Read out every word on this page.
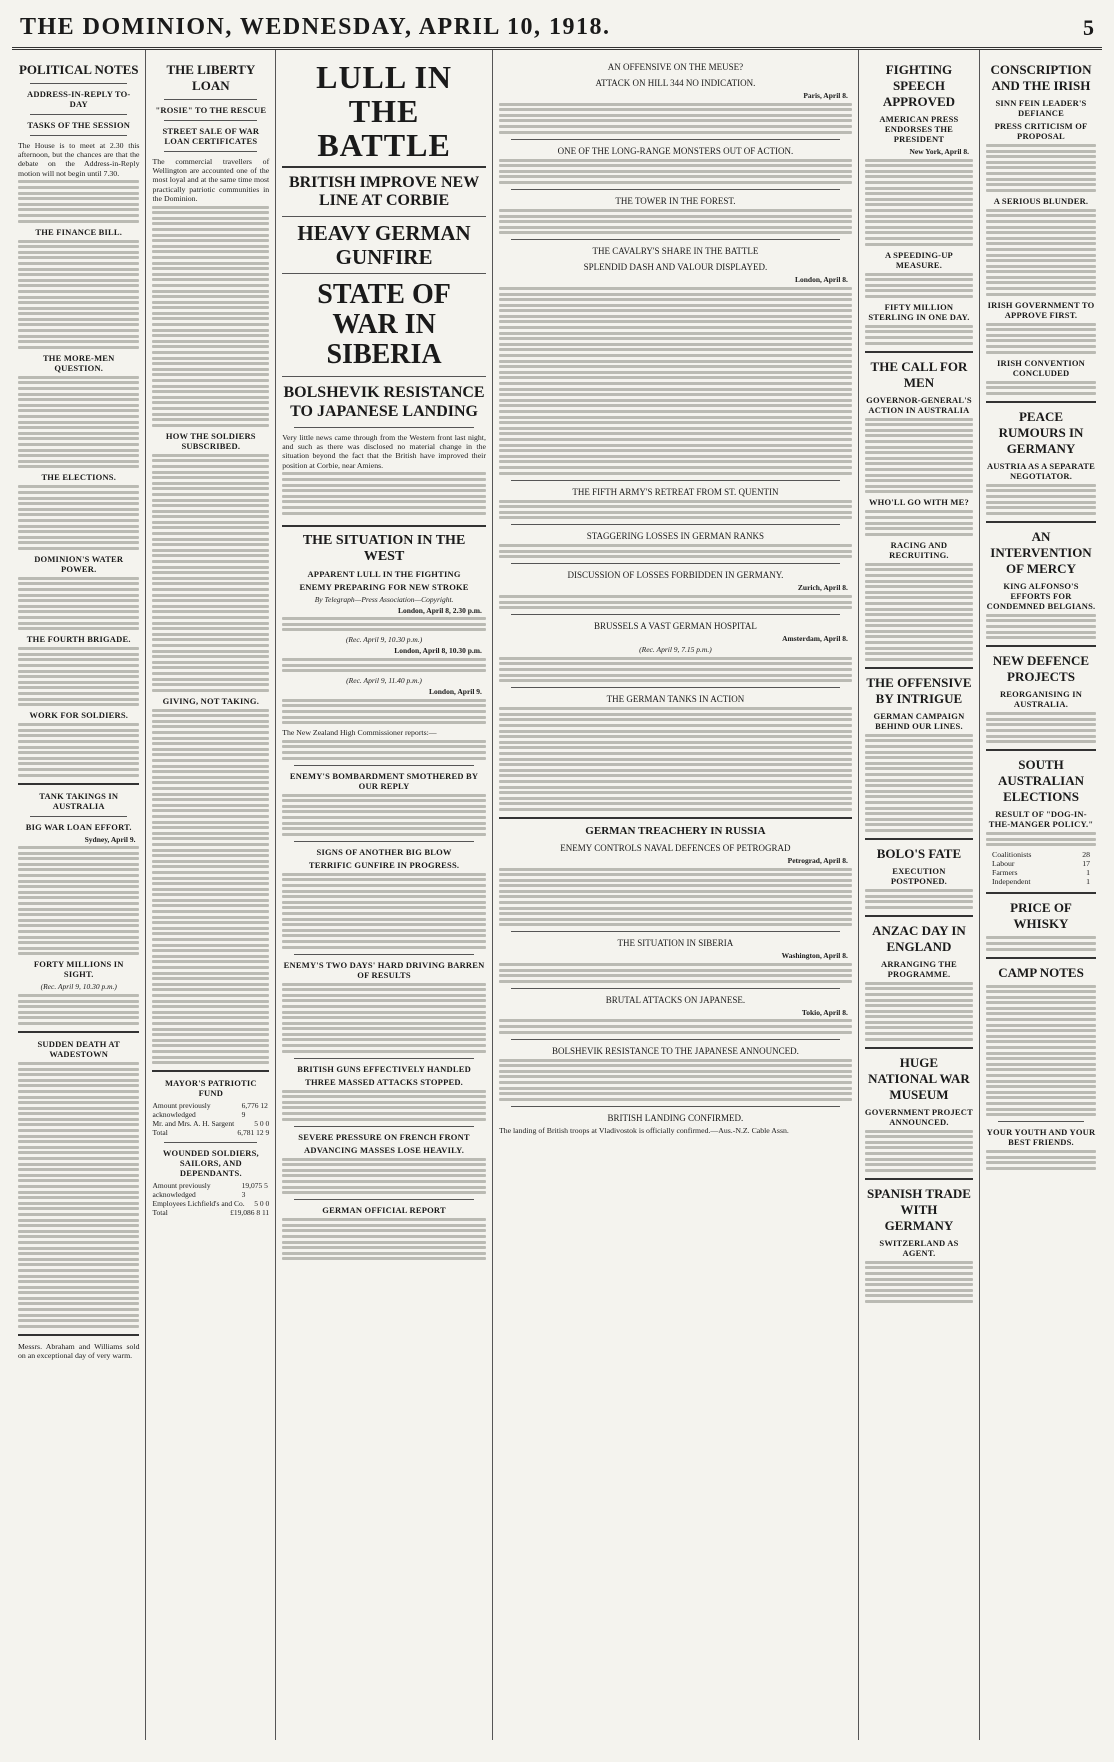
THE DOMINION, WEDNESDAY, APRIL 10, 1918.	5
POLITICAL NOTES
ADDRESS-IN-REPLY TO-DAY
TASKS OF THE SESSION
The House is to meet at 2.30 this afternoon, but the chances are that the debate on the Address-in-Reply motion will not begin until 7.30.
THE FINANCE BILL.
THE MORE-MEN QUESTION.
THE ELECTIONS.
DOMINION'S WATER POWER.
THE FOURTH BRIGADE.
WORK FOR SOLDIERS.
TANK TAKINGS IN AUSTRALIA
BIG WAR LOAN EFFORT.
Sydney, April 9.
FORTY MILLIONS IN SIGHT.
(Rec. April 9, 10.30 p.m.)
SUDDEN DEATH AT WADESTOWN
Messrs. Abraham and Williams sold on an exceptional day of very warm.
THE LIBERTY LOAN
"ROSIE" TO THE RESCUE
STREET SALE OF WAR LOAN CERTIFICATES
The commercial travellers of Wellington are accounted one of the most loyal and at the same time most practically patriotic communities in the Dominion.
HOW THE SOLDIERS SUBSCRIBED.
GIVING, NOT TAKING.
MAYOR'S PATRIOTIC FUND
Amount previously acknowledged
6,776 12 9
Mr. and Mrs. A. H. Sargent	5 0 0
Total	6,781 12 9
WOUNDED SOLDIERS, SAILORS, AND DEPENDANTS.
Amount previously acknowledged
19,075 5 3
Employees Lichfield's and Co. 5 0 0
Total	£19,086 8 11
LULL IN THE BATTLE
BRITISH IMPROVE NEW LINE AT CORBIE
HEAVY GERMAN GUNFIRE
STATE OF WAR IN SIBERIA
BOLSHEVIK RESISTANCE TO JAPANESE LANDING
Very little news came through from the Western front last night, and such as there was disclosed no material change in the situation beyond the fact that the British have improved their position at Corbie, near Amiens.
THE SITUATION IN THE WEST
APPARENT LULL IN THE FIGHTING
ENEMY PREPARING FOR NEW STROKE
By Telegraph—Press Association—Copyright.
London, April 8, 2.30 p.m.
(Rec. April 9, 10.30 p.m.)
London, April 8, 10.30 p.m.
(Rec. April 9, 11.40 p.m.)
London, April 9.
The New Zealand High Commissioner reports:—
ENEMY'S BOMBARDMENT SMOTHERED BY OUR REPLY
SIGNS OF ANOTHER BIG BLOW
TERRIFIC GUNFIRE IN PROGRESS.
ENEMY'S TWO DAYS' HARD DRIVING BARREN OF RESULTS
BRITISH GUNS EFFECTIVELY HANDLED
THREE MASSED ATTACKS STOPPED.
SEVERE PRESSURE ON FRENCH FRONT
ADVANCING MASSES LOSE HEAVILY.
GERMAN OFFICIAL REPORT
AN OFFENSIVE ON THE MEUSE?
ATTACK ON HILL 344 NO INDICATION.
Paris, April 8.
ONE OF THE LONG-RANGE MONSTERS OUT OF ACTION.
THE TOWER IN THE FOREST.
THE CAVALRY'S SHARE IN THE BATTLE
SPLENDID DASH AND VALOUR DISPLAYED.
London, April 8.
THE FIFTH ARMY'S RETREAT FROM ST. QUENTIN
STAGGERING LOSSES IN GERMAN RANKS
DISCUSSION OF LOSSES FORBIDDEN IN GERMANY.
Zurich, April 8.
BRUSSELS A VAST GERMAN HOSPITAL
Amsterdam, April 8.
(Rec. April 9, 7.15 p.m.)
THE GERMAN TANKS IN ACTION
GERMAN TREACHERY IN RUSSIA
ENEMY CONTROLS NAVAL DEFENCES OF PETROGRAD
Petrograd, April 8.
THE SITUATION IN SIBERIA
Washington, April 8.
BRUTAL ATTACKS ON JAPANESE.
Tokio, April 8.
BOLSHEVIK RESISTANCE TO THE JAPANESE ANNOUNCED.
BRITISH LANDING CONFIRMED.
The landing of British troops at Vladivostok is officially confirmed.—Aus.-N.Z. Cable Assn.
FIGHTING SPEECH APPROVED
AMERICAN PRESS ENDORSES THE PRESIDENT
New York, April 8.
A SPEEDING-UP MEASURE.
FIFTY MILLION STERLING IN ONE DAY.
THE CALL FOR MEN
GOVERNOR-GENERAL'S ACTION IN AUSTRALIA
WHO'LL GO WITH ME?
RACING AND RECRUITING.
THE OFFENSIVE BY INTRIGUE
GERMAN CAMPAIGN BEHIND OUR LINES.
BOLO'S FATE
EXECUTION POSTPONED.
ANZAC DAY IN ENGLAND
ARRANGING THE PROGRAMME.
HUGE NATIONAL WAR MUSEUM
GOVERNMENT PROJECT ANNOUNCED.
SPANISH TRADE WITH GERMANY
SWITZERLAND AS AGENT.
CONSCRIPTION AND THE IRISH
SINN FEIN LEADER'S DEFIANCE
PRESS CRITICISM OF PROPOSAL
A SERIOUS BLUNDER.
IRISH GOVERNMENT TO APPROVE FIRST.
IRISH CONVENTION CONCLUDED
PEACE RUMOURS IN GERMANY
AUSTRIA AS A SEPARATE NEGOTIATOR.
AN INTERVENTION OF MERCY
KING ALFONSO'S EFFORTS FOR CONDEMNED BELGIANS.
NEW DEFENCE PROJECTS
REORGANISING IN AUSTRALIA.
SOUTH AUSTRALIAN ELECTIONS
RESULT OF "DOG-IN-THE-MANGER POLICY."
Coalitionists	28
Labour	17
Farmers	1
Independent	1
PRICE OF WHISKY
CAMP NOTES
YOUR YOUTH AND YOUR BEST FRIENDS.
